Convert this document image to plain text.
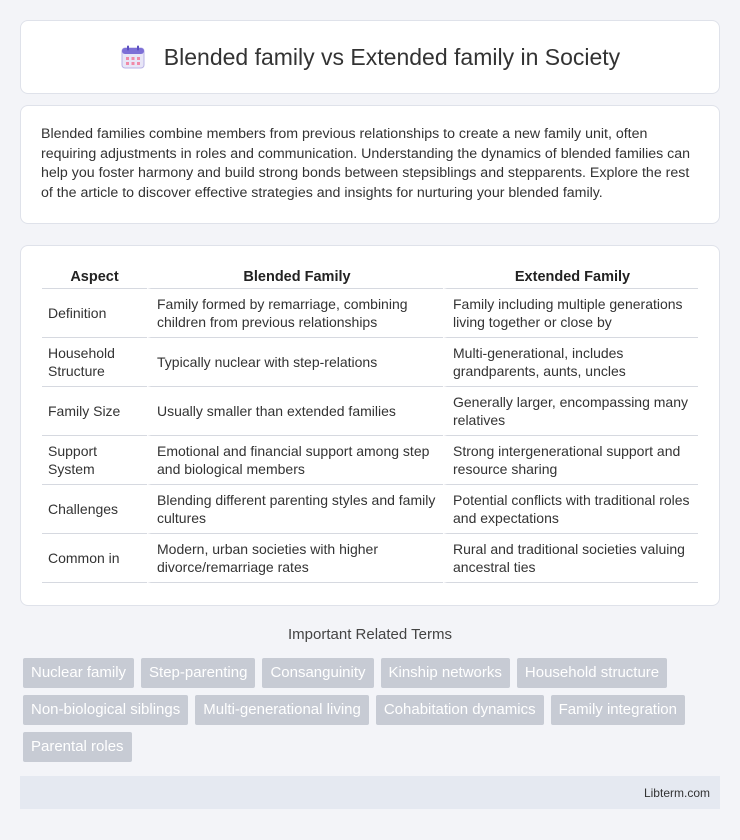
Blended family vs Extended family in Society

Blended families combine members from previous relationships to create a new family unit, often requiring adjustments in roles and communication. Understanding the dynamics of blended families can help you foster harmony and build strong bonds between stepsiblings and stepparents. Explore the rest of the article to discover effective strategies and insights for nurturing your blended family.

Aspect	Blended Family	Extended Family
Definition	Family formed by remarriage, combining children from previous relationships	Family including multiple generations living together or close by
Household Structure	Typically nuclear with step-relations	Multi-generational, includes grandparents, aunts, uncles
Family Size	Usually smaller than extended families	Generally larger, encompassing many relatives
Support System	Emotional and financial support among step and biological members	Strong intergenerational support and resource sharing
Challenges	Blending different parenting styles and family cultures	Potential conflicts with traditional roles and expectations
Common in	Modern, urban societies with higher divorce/remarriage rates	Rural and traditional societies valuing ancestral ties
Important Related Terms
Nuclear family	Step-parenting	Consanguinity	Kinship networks	Household structure
Non-biological siblings	Multi-generational living	Cohabitation dynamics	Family integration
Parental roles
Libterm.com
